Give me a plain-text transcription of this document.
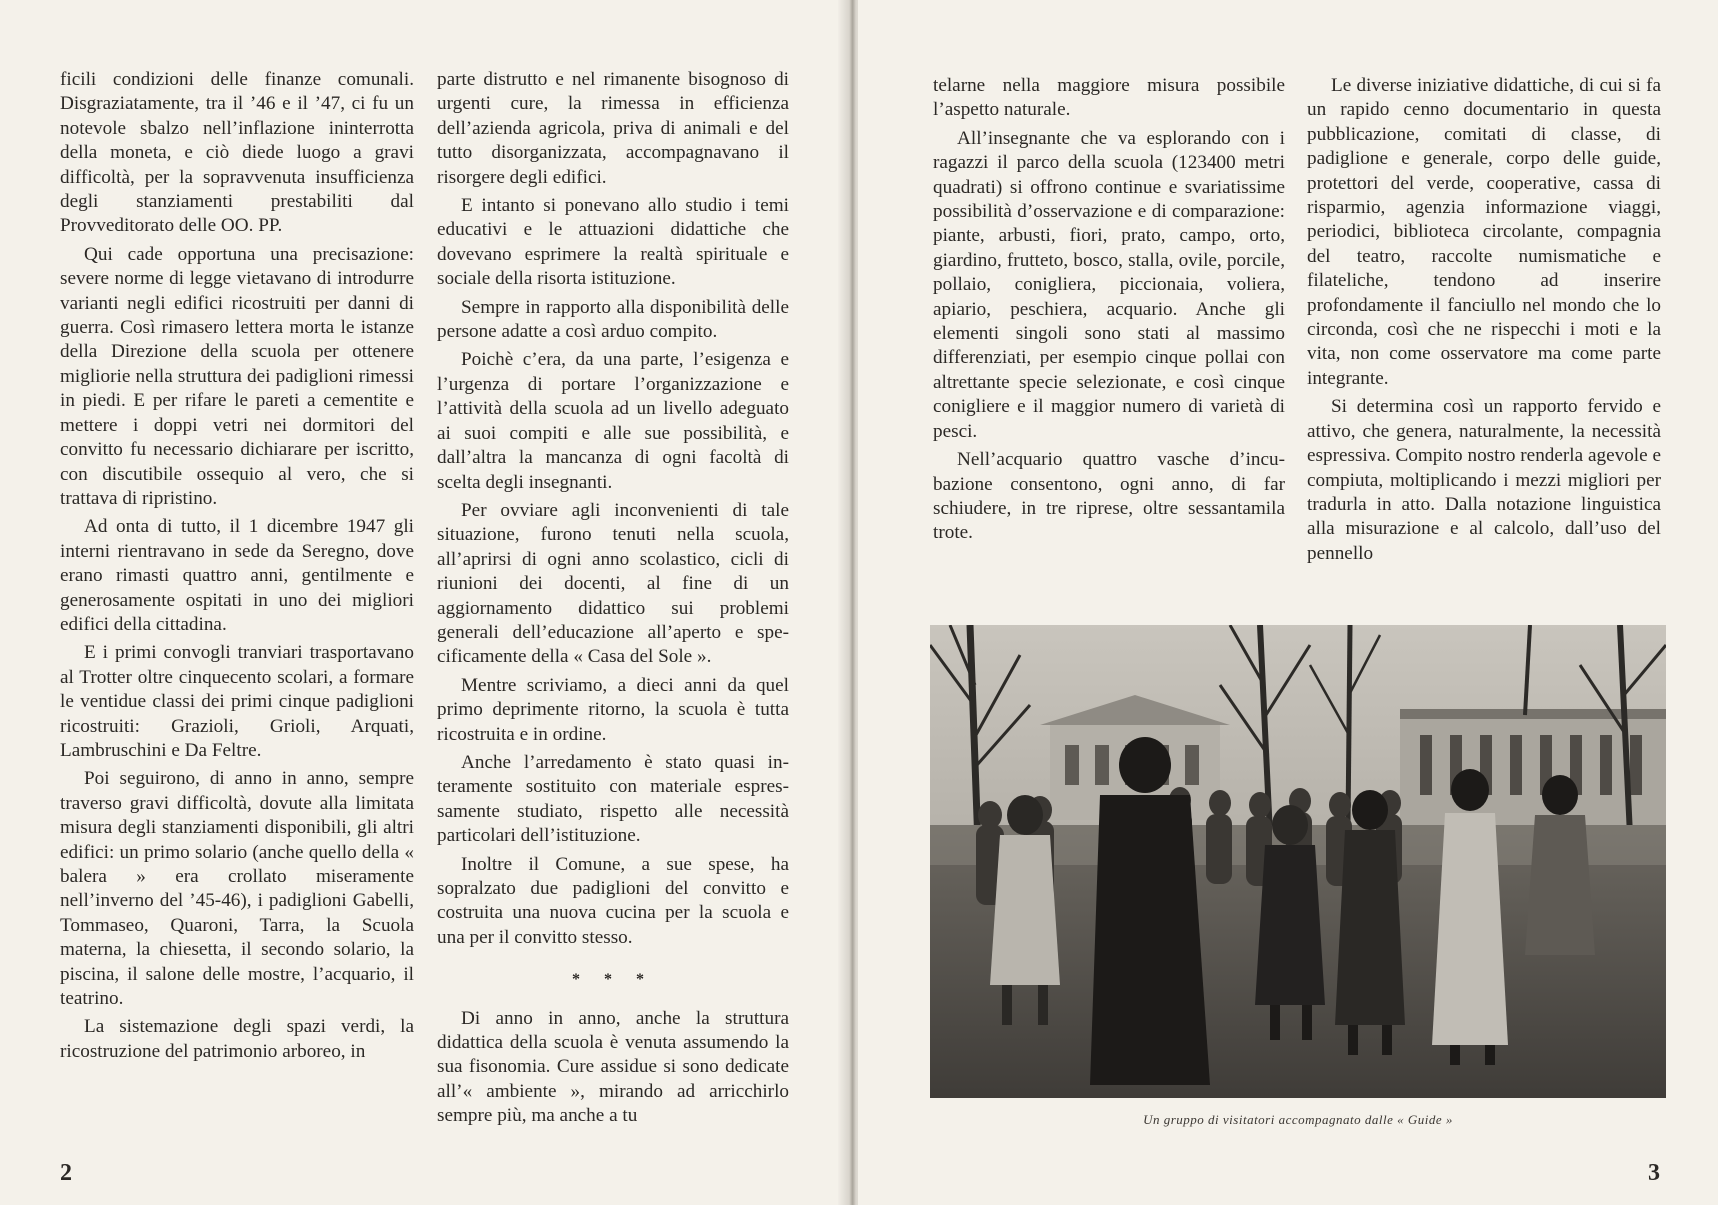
ficili condizioni delle finanze comunali. Disgraziatamente, tra il ’46 e il ’47, ci fu un notevole sbalzo nell’inflazione ininterrotta della moneta, e ciò diede luogo a gravi difficoltà, per la sopravvenuta insufficienza degli stanziamenti prestabiliti dal Provveditorato delle OO. PP.

Qui cade opportuna una precisazione: severe norme di legge vietavano di introdurre varianti negli edifici ricostruiti per danni di guerra. Così rimasero lettera morta le istanze della Direzione della scuola per ottenere migliorie nella struttura dei padiglioni rimessi in piedi. E per rifare le pareti a cementite e mettere i doppi vetri nei dormitori del convitto fu necessario dichiarare per iscritto, con discutibile ossequio al vero, che si trattava di ripristino.

Ad onta di tutto, il 1 dicembre 1947 gli interni rientravano in sede da Seregno, dove erano rimasti quattro anni, gentilmente e generosamente ospitati in uno dei migliori edifici della cittadina.

E i primi convogli tranviari trasportavano al Trotter oltre cinquecento scolari, a formare le ventidue classi dei primi cinque padiglioni ricostruiti: Grazioli, Grioli, Arquati, Lambruschini e Da Feltre.

Poi seguirono, di anno in anno, sempre traverso gravi difficoltà, dovute alla limitata misura degli stanziamenti disponibili, gli altri edifici: un primo solario (anche quello della « balera » era crollato miseramente nell’inverno del ’45-46), i padiglioni Gabelli, Tommaseo, Quaroni, Tarra, la Scuola materna, la chiesetta, il secondo solario, la piscina, il salone delle mostre, l’acquario, il teatrino.

La sistemazione degli spazi verdi, la ricostruzione del patrimonio arboreo, in

parte distrutto e nel rimanente bisognoso di urgenti cure, la rimessa in efficienza dell’azienda agricola, priva di animali e del tutto disorganizzata, accompagnavano il risorgere degli edifici.

E intanto si ponevano allo studio i temi educativi e le attuazioni didattiche che dovevano esprimere la realtà spirituale e sociale della risorta istituzione.

Sempre in rapporto alla disponibilità delle persone adatte a così arduo compito.

Poichè c’era, da una parte, l’esigenza e l’urgenza di portare l’organizzazione e l’attività della scuola ad un livello adeguato ai suoi compiti e alle sue possibilità, e dall’altra la mancanza di ogni facoltà di scelta degli insegnanti.

Per ovviare agli inconvenienti di tale situazione, furono tenuti nella scuola, all’aprirsi di ogni anno scolastico, cicli di riunioni dei docenti, al fine di un aggiornamento didattico sui problemi generali dell’educazione all’aperto e specificamente della « Casa del Sole ».

Mentre scriviamo, a dieci anni da quel primo deprimente ritorno, la scuola è tutta ricostruita e in ordine.

Anche l’arredamento è stato quasi interamente sostituito con materiale espressamente studiato, rispetto alle necessità particolari dell’istituzione.

Inoltre il Comune, a sue spese, ha sopralzato due padiglioni del convitto e costruita una nuova cucina per la scuola e una per il convitto stesso.

* * *

Di anno in anno, anche la struttura didattica della scuola è venuta assumendo la sua fisonomia. Cure assidue si sono dedicate all’« ambiente », mirando ad arricchirlo sempre più, ma anche a tu

2

telarne nella maggiore misura possibile l’aspetto naturale.

All’insegnante che va esplorando con i ragazzi il parco della scuola (123400 metri quadrati) si offrono continue e svariatissime possibilità d’osservazione e di comparazione: piante, arbusti, fiori, prato, campo, orto, giardino, frutteto, bosco, stalla, ovile, porcile, pollaio, conigliera, piccionaia, voliera, apiario, peschiera, acquario. Anche gli elementi singoli sono stati al massimo differenziati, per esempio cinque pollai con altrettante specie selezionate, e così cinque conigliere e il maggior numero di varietà di pesci.

Nell’acquario quattro vasche d’incubazione consentono, ogni anno, di far schiudere, in tre riprese, oltre sessantamila trote.

Le diverse iniziative didattiche, di cui si fa un rapido cenno documentario in questa pubblicazione, comitati di classe, di padiglione e generale, corpo delle guide, protettori del verde, cooperative, cassa di risparmio, agenzia informazione viaggi, periodici, biblioteca circolante, compagnia del teatro, raccolte numismatiche e filateliche, tendono ad inserire profondamente il fanciullo nel mondo che lo circonda, così che ne rispecchi i moti e la vita, non come osservatore ma come parte integrante.

Si determina così un rapporto fervido e attivo, che genera, naturalmente, la necessità espressiva. Compito nostro renderla agevole e compiuta, moltiplicando i mezzi migliori per tradurla in atto. Dalla notazione linguistica alla misurazione e al calcolo, dall’uso del pennello

Un gruppo di visitatori accompagnato dalle « Guide »
3
